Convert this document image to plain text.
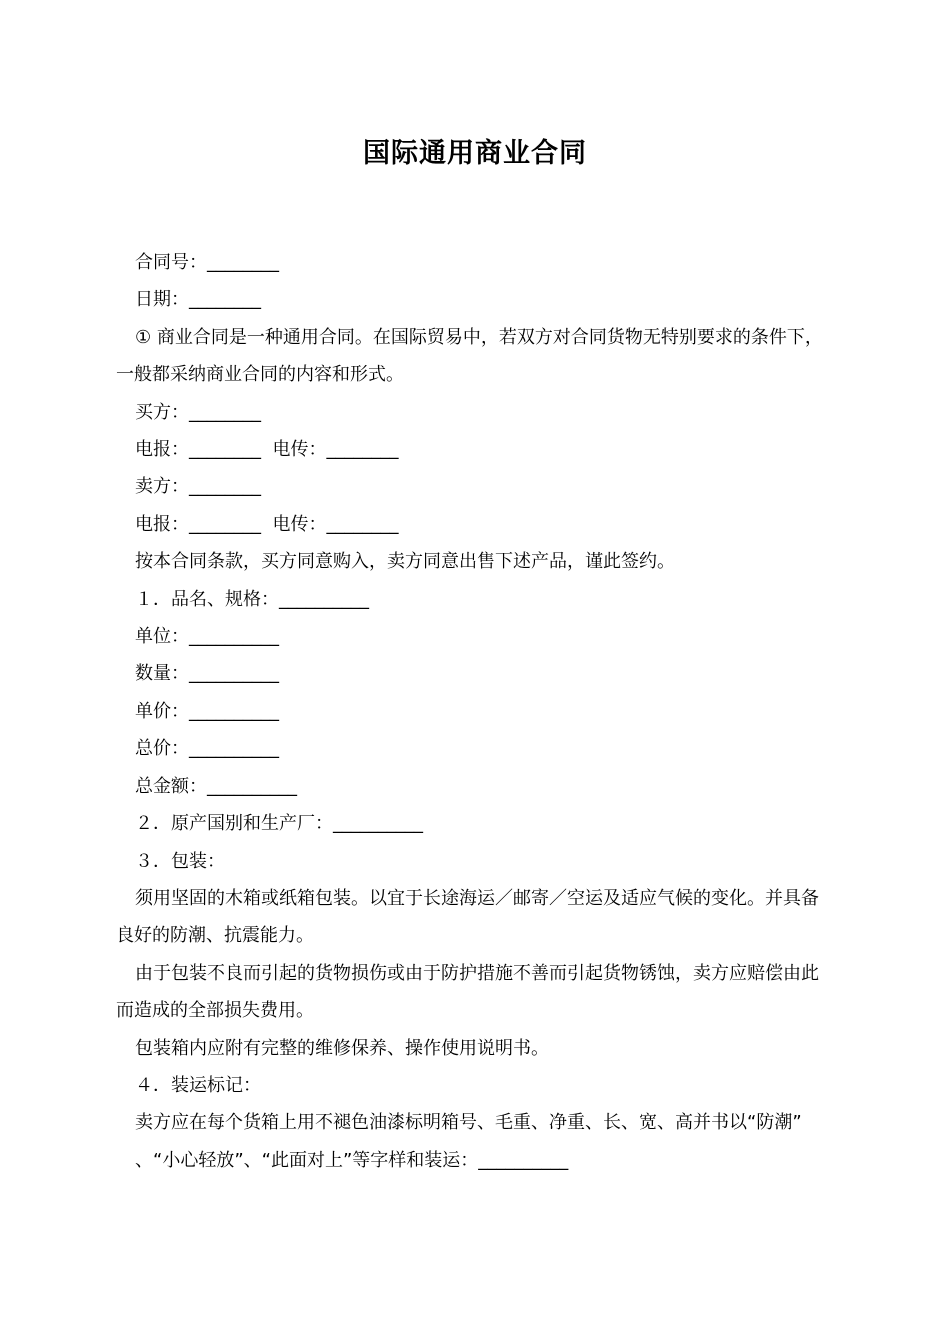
国际通用商业合同

合同号：________

日期：________

① 商业合同是一种通用合同。在国际贸易中，若双方对合同货物无特别要求的条件下，一般都采纳商业合同的内容和形式。

买方：________

电报：________  电传：________

卖方：________

电报：________  电传：________

按本合同条款，买方同意购入，卖方同意出售下述产品，谨此签约。

１．品名、规格：__________

单位：__________

数量：__________

单价：__________

总价：__________

总金额：__________

２．原产国别和生产厂：__________

３．包装：

须用坚固的木箱或纸箱包装。以宜于长途海运／邮寄／空运及适应气候的变化。并具备良好的防潮、抗震能力。

由于包装不良而引起的货物损伤或由于防护措施不善而引起货物锈蚀，卖方应赔偿由此而造成的全部损失费用。

包装箱内应附有完整的维修保养、操作使用说明书。

４．装运标记：

卖方应在每个货箱上用不褪色油漆标明箱号、毛重、净重、长、宽、高并书以“防潮”

、“小心轻放”、“此面对上”等字样和装运：__________
